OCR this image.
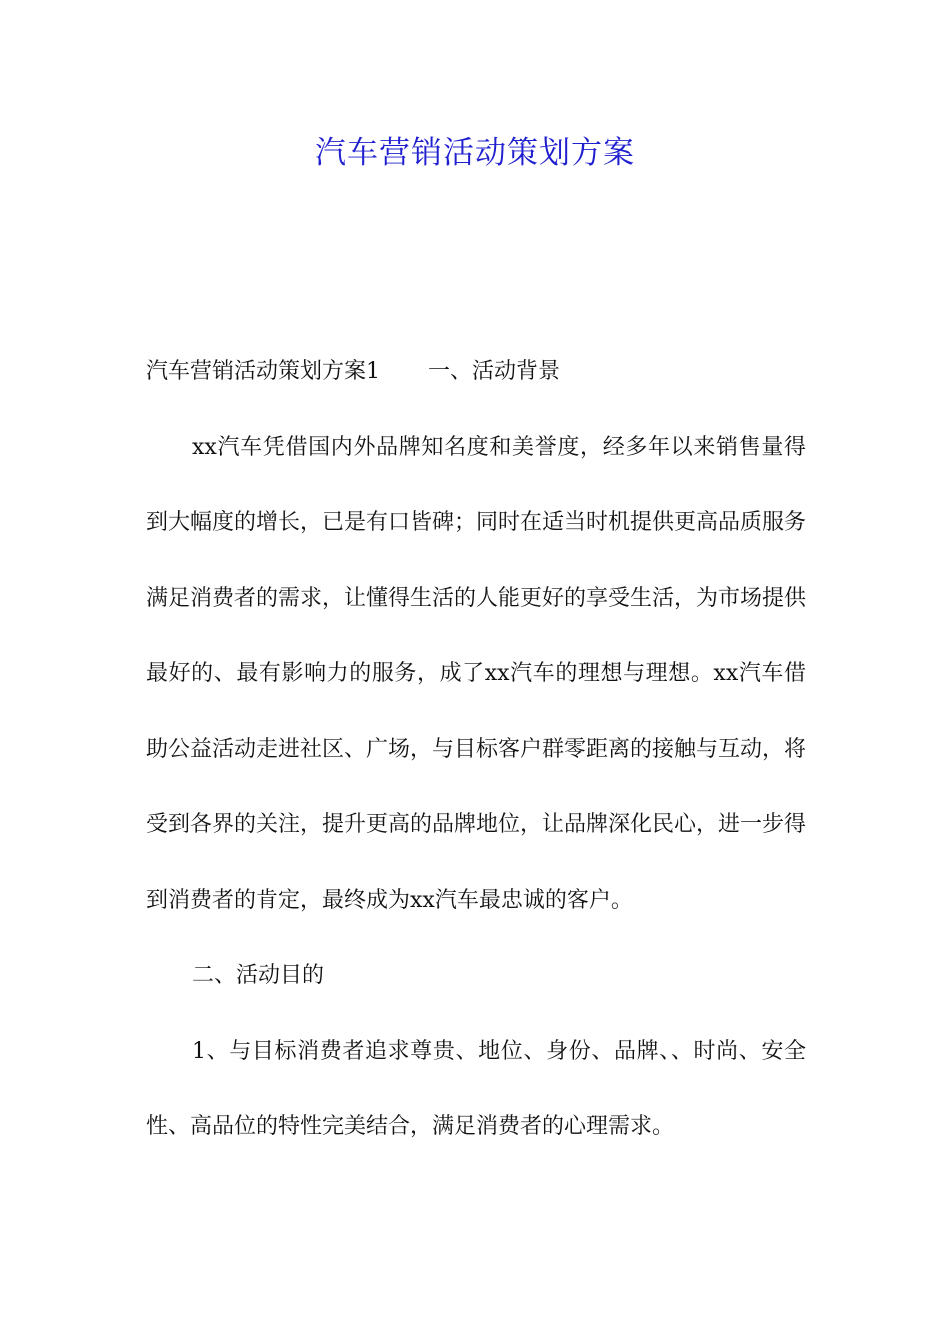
汽车营销活动策划方案

汽车营销活动策划方案1 一、活动背景

xx汽车凭借国内外品牌知名度和美誉度，经多年以来销售量得到大幅度的增长，已是有口皆碑；同时在适当时机提供更高品质服务满足消费者的需求，让懂得生活的人能更好的享受生活，为市场提供最好的、最有影响力的服务，成了xx汽车的理想与理想。xx汽车借助公益活动走进社区、广场，与目标客户群零距离的接触与互动，将受到各界的关注，提升更高的品牌地位，让品牌深化民心，进一步得到消费者的肯定，最终成为xx汽车最忠诚的客户。

二、活动目的

1、与目标消费者追求尊贵、地位、身份、品牌、、时尚、安全性、高品位的特性完美结合，满足消费者的心理需求。
